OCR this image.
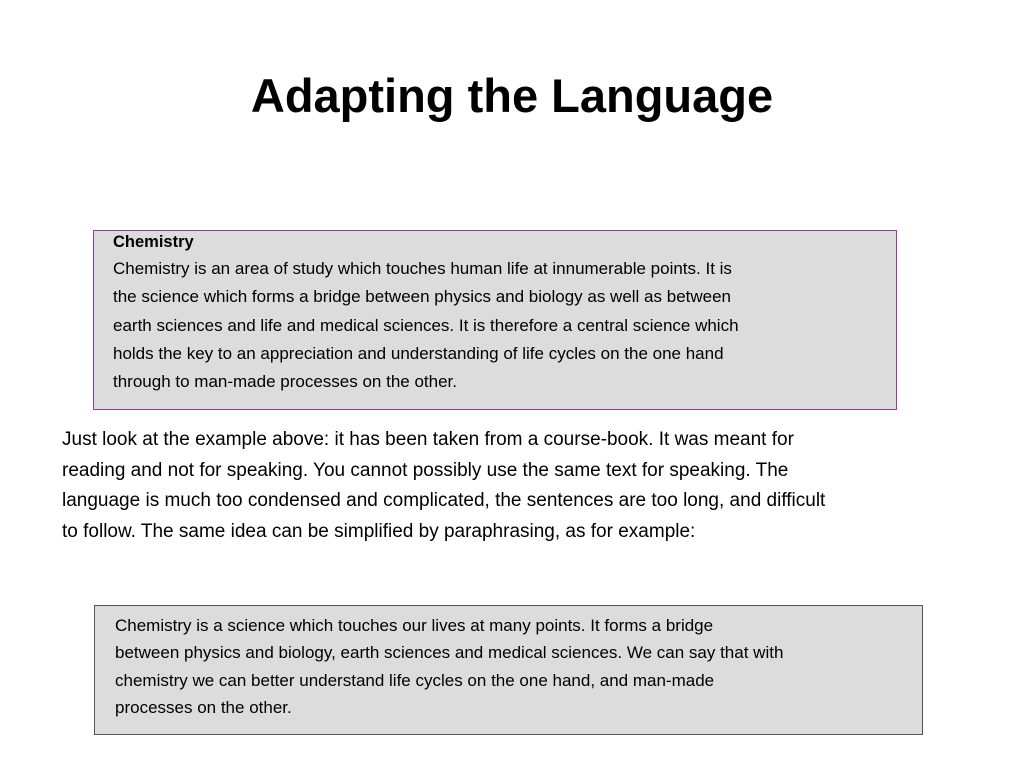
Adapting the Language
Chemistry
Chemistry is an area of study which touches human life at innumerable points. It is
the science which forms a bridge between physics and biology as well as between
earth sciences and life and medical sciences. It is therefore a central science which
holds the key to an appreciation and understanding of life cycles on the one hand
through to man-made processes on the other.

Just look at the example above: it has been taken from a course-book. It was meant for
reading and not for speaking. You cannot possibly use the same text for speaking. The
language is much too condensed and complicated, the sentences are too long, and difficult
to follow. The same idea can be simplified by paraphrasing, as for example:

Chemistry is a science which touches our lives at many points. It forms a bridge
between physics and biology, earth sciences and medical sciences. We can say that with
chemistry we can better understand life cycles on the one hand, and man-made
processes on the other.
